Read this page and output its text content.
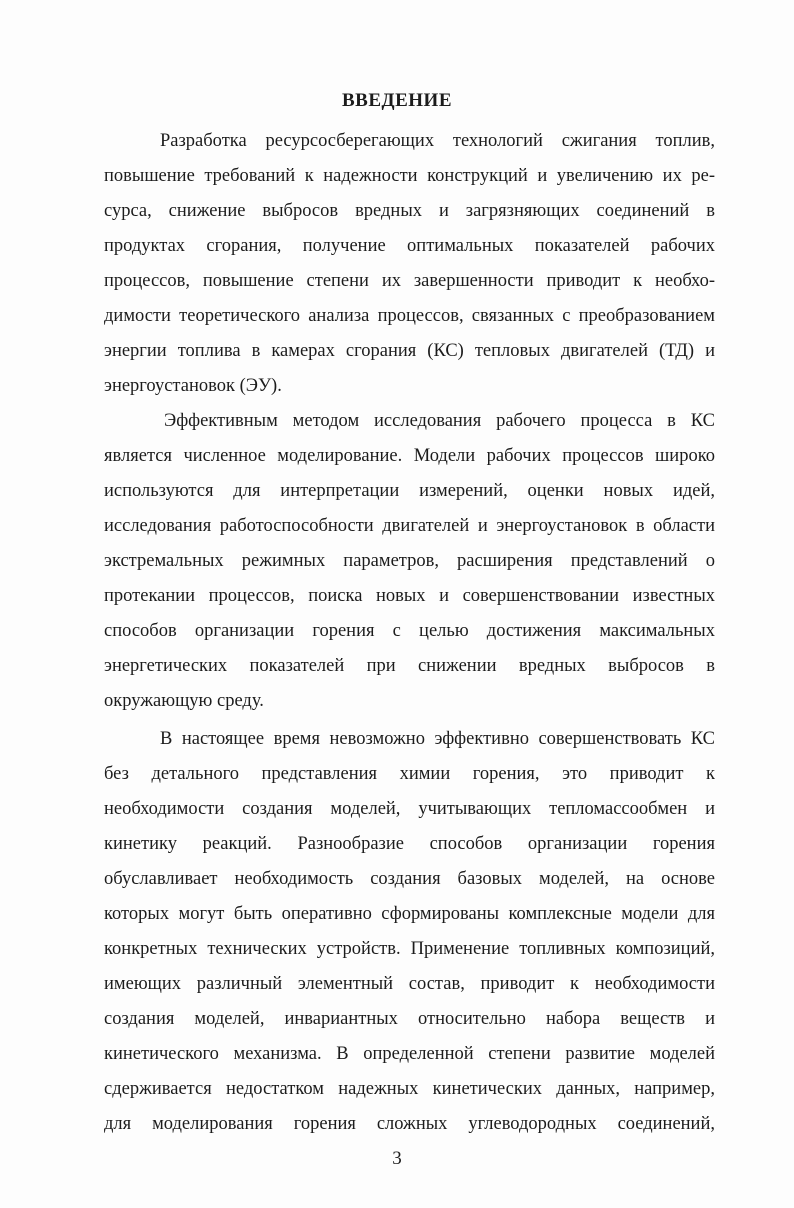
ВВЕДЕНИЕ
Разработка ресурсосберегающих технологий сжигания топлив,
повышение требований к надежности конструкций и увеличению их ре-
сурса, снижение выбросов вредных и загрязняющих соединений в
продуктах сгорания, получение оптимальных показателей рабочих
процессов, повышение степени их завершенности приводит к необхо-
димости теоретического анализа процессов, связанных с преобразованием
энергии топлива в камерах сгорания (КС) тепловых двигателей (ТД) и
энергоустановок (ЭУ).
Эффективным методом исследования рабочего процесса в КС
является численное моделирование. Модели рабочих процессов широко
используются для интерпретации измерений, оценки новых идей,
исследования работоспособности двигателей и энергоустановок в области
экстремальных режимных параметров, расширения представлений о
протекании процессов, поиска новых и совершенствовании известных
способов организации горения с целью достижения максимальных
энергетических показателей при снижении вредных выбросов в
окружающую среду.
В настоящее время невозможно эффективно совершенствовать КС
без детального представления химии горения, это приводит к
необходимости создания моделей, учитывающих тепломассообмен и
кинетику реакций. Разнообразие способов организации горения
обуславливает необходимость создания базовых моделей, на основе
которых могут быть оперативно сформированы комплексные модели для
конкретных технических устройств. Применение топливных композиций,
имеющих различный элементный состав, приводит к необходимости
создания моделей, инвариантных относительно набора веществ и
кинетического механизма. В определенной степени развитие моделей
сдерживается недостатком надежных кинетических данных, например,
для моделирования горения сложных углеводородных соединений,
3
